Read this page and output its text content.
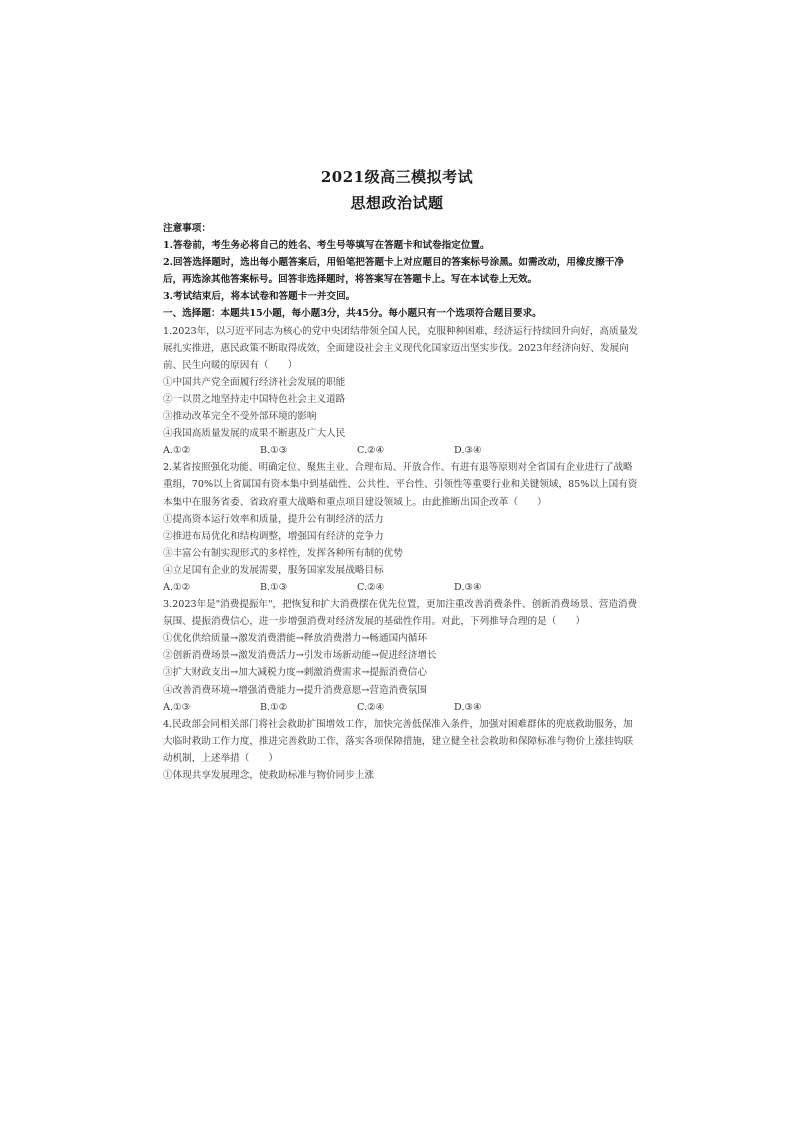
2021级高三模拟考试
思想政治试题

注意事项：

1.答卷前，考生务必将自己的姓名、考生号等填写在答题卡和试卷指定位置。

2.回答选择题时，选出每小题答案后，用铅笔把答题卡上对应题目的答案标号涂黑。如需改动，用橡皮擦干净后，再选涂其他答案标号。回答非选择题时，将答案写在答题卡上。写在本试卷上无效。

3.考试结束后，将本试卷和答题卡一并交回。

一、选择题：本题共15小题，每小题3分，共45分。每小题只有一个选项符合题目要求。

1.2023年，以习近平同志为核心的党中央团结带领全国人民，克服种种困难，经济运行持续回升向好，高质量发展扎实推进，惠民政策不断取得成效，全面建设社会主义现代化国家迈出坚实步伐。2023年经济向好、发展向前、民生向暖的原因有（　　）

①中国共产党全面履行经济社会发展的职能

②一以贯之地坚持走中国特色社会主义道路

③推动改革完全不受外部环境的影响

④我国高质量发展的成果不断惠及广大人民

A.①②	B.①③	C.②④	D.③④

2.某省按照强化功能、明确定位、聚焦主业、合理布局、开放合作、有进有退等原则对全省国有企业进行了战略重组，70%以上省属国有资本集中到基础性、公共性、平台性、引领性等重要行业和关键领域，85%以上国有资本集中在服务省委、省政府重大战略和重点项目建设领域上。由此推断出国企改革（　　）

①提高资本运行效率和质量，提升公有制经济的活力

②推进布局优化和结构调整，增强国有经济的竞争力

③丰富公有制实现形式的多样性，发挥各种所有制的优势

④立足国有企业的发展需要，服务国家发展战略目标

A.①②	B.①③	C.②④	D.③④

3.2023年是"消费提振年"，把恢复和扩大消费摆在优先位置，更加注重改善消费条件、创新消费场景、营造消费氛围、提振消费信心，进一步增强消费对经济发展的基础性作用。对此，下列推导合理的是（　　）

①优化供给质量→激发消费潜能→释放消费潜力→畅通国内循环

②创新消费场景→激发消费活力→引发市场新动能→促进经济增长

③扩大财政支出→加大减税力度→刺激消费需求→提振消费信心

④改善消费环境→增强消费能力→提升消费意愿→营造消费氛围

A.①③	B.①②	C.②④	D.③④

4.民政部会同相关部门将社会救助扩围增效工作，加快完善低保准入条件，加强对困难群体的兜底救助服务，加大临时救助工作力度，推进完善救助工作，落实各项保障措施，建立健全社会救助和保障标准与物价上涨挂钩联动机制，上述举措（　　）

①体现共享发展理念，使救助标准与物价同步上涨
